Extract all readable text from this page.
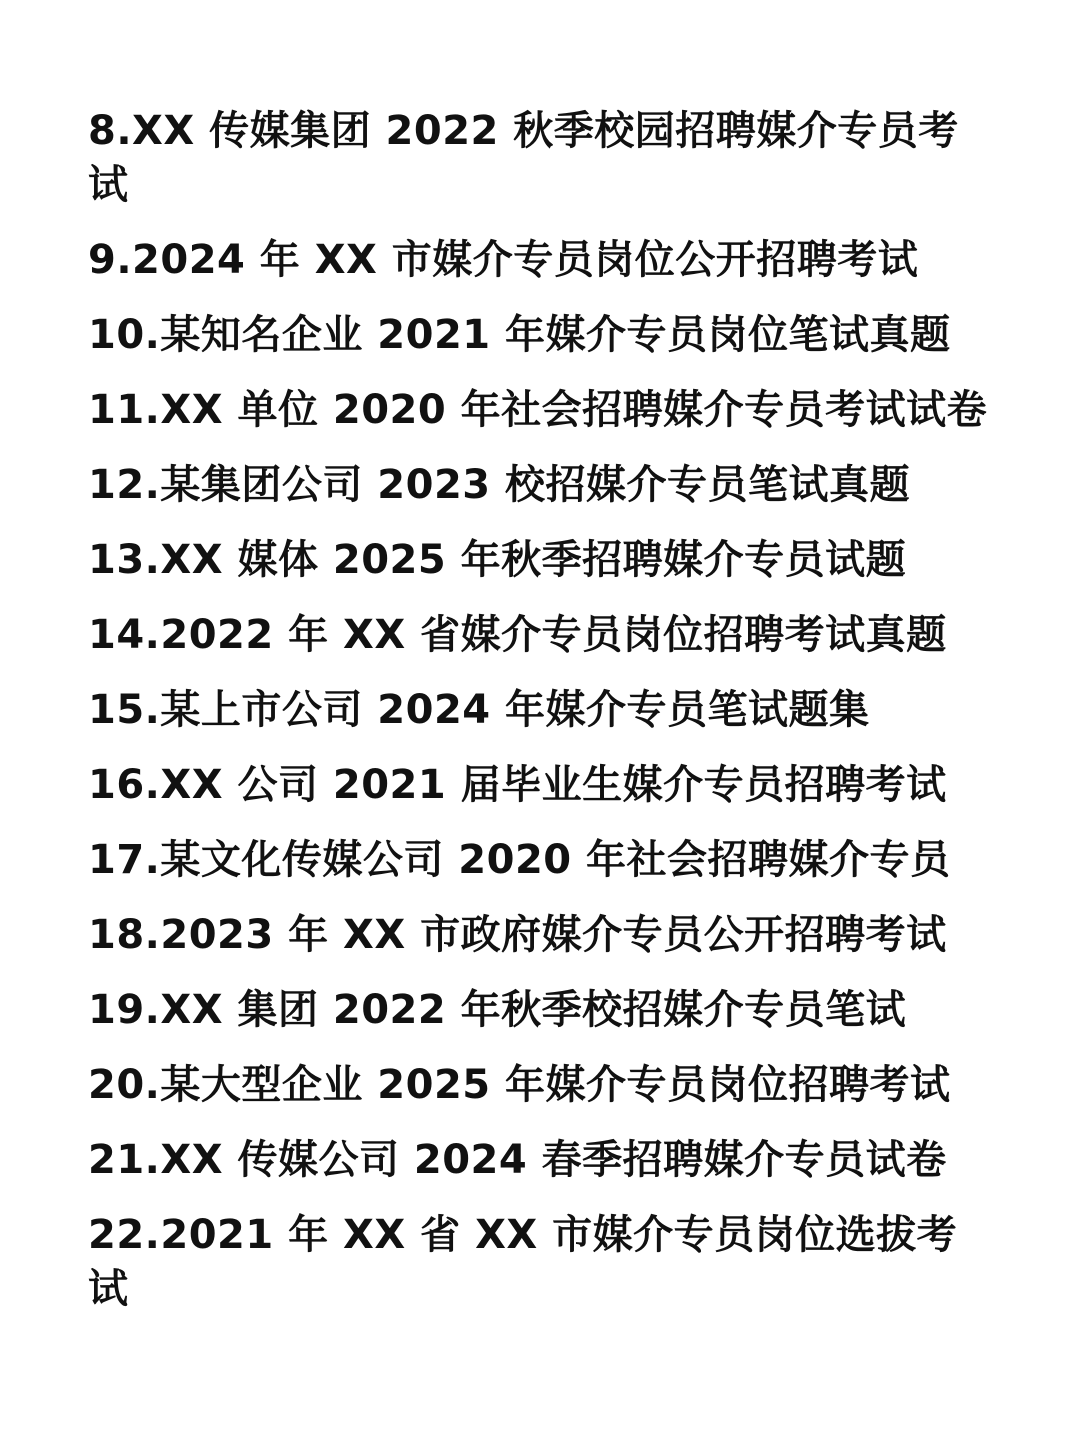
8.XX 传媒集团 2022 秋季校园招聘媒介专员考试
9.2024 年 XX 市媒介专员岗位公开招聘考试
10.某知名企业 2021 年媒介专员岗位笔试真题
11.XX 单位 2020 年社会招聘媒介专员考试试卷
12.某集团公司 2023 校招媒介专员笔试真题
13.XX 媒体 2025 年秋季招聘媒介专员试题
14.2022 年 XX 省媒介专员岗位招聘考试真题
15.某上市公司 2024 年媒介专员笔试题集
16.XX 公司 2021 届毕业生媒介专员招聘考试
17.某文化传媒公司 2020 年社会招聘媒介专员
18.2023 年 XX 市政府媒介专员公开招聘考试
19.XX 集团 2022 年秋季校招媒介专员笔试
20.某大型企业 2025 年媒介专员岗位招聘考试
21.XX 传媒公司 2024 春季招聘媒介专员试卷
22.2021 年 XX 省 XX 市媒介专员岗位选拔考试
